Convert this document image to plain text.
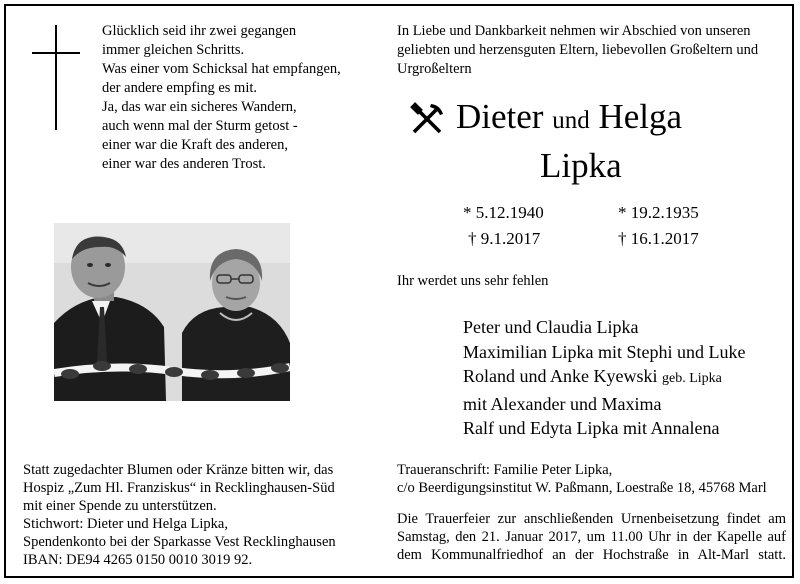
Glücklich seid ihr zwei gegangen
immer gleichen Schritts.
Was einer vom Schicksal hat empfangen,
der andere empfing es mit.
Ja, das war ein sicheres Wandern,
auch wenn mal der Sturm getost -
einer war die Kraft des anderen,
einer war des anderen Trost.
In Liebe und Dankbarkeit nehmen wir Abschied von unseren geliebten und herzensguten Eltern, liebevollen Großeltern und Urgroßeltern
Dieter und Helga
Lipka
* 5.12.1940
† 9.1.2017
* 19.2.1935
† 16.1.2017
Ihr werdet uns sehr fehlen
Peter und Claudia Lipka
Maximilian Lipka mit Stephi und Luke
Roland und Anke Kyewski geb. Lipka
mit Alexander und Maxima
Ralf und Edyta Lipka mit Annalena
Statt zugedachter Blumen oder Kränze bitten wir, das
Hospiz „Zum Hl. Franziskus“ in Recklinghausen-Süd
mit einer Spende zu unterstützen.
Stichwort: Dieter und Helga Lipka,
Spendenkonto bei der Sparkasse Vest Recklinghausen
IBAN: DE94 4265 0150 0010 3019 92.
Traueranschrift: Familie Peter Lipka,
c/o Beerdigungsinstitut W. Paßmann, Loestraße 18, 45768 Marl
Die Trauerfeier zur anschließenden Urnenbeisetzung findet am
Samstag, den 21. Januar 2017, um 11.00 Uhr in der Kapelle auf
dem Kommunalfriedhof an der Hochstraße in Alt-Marl statt.
